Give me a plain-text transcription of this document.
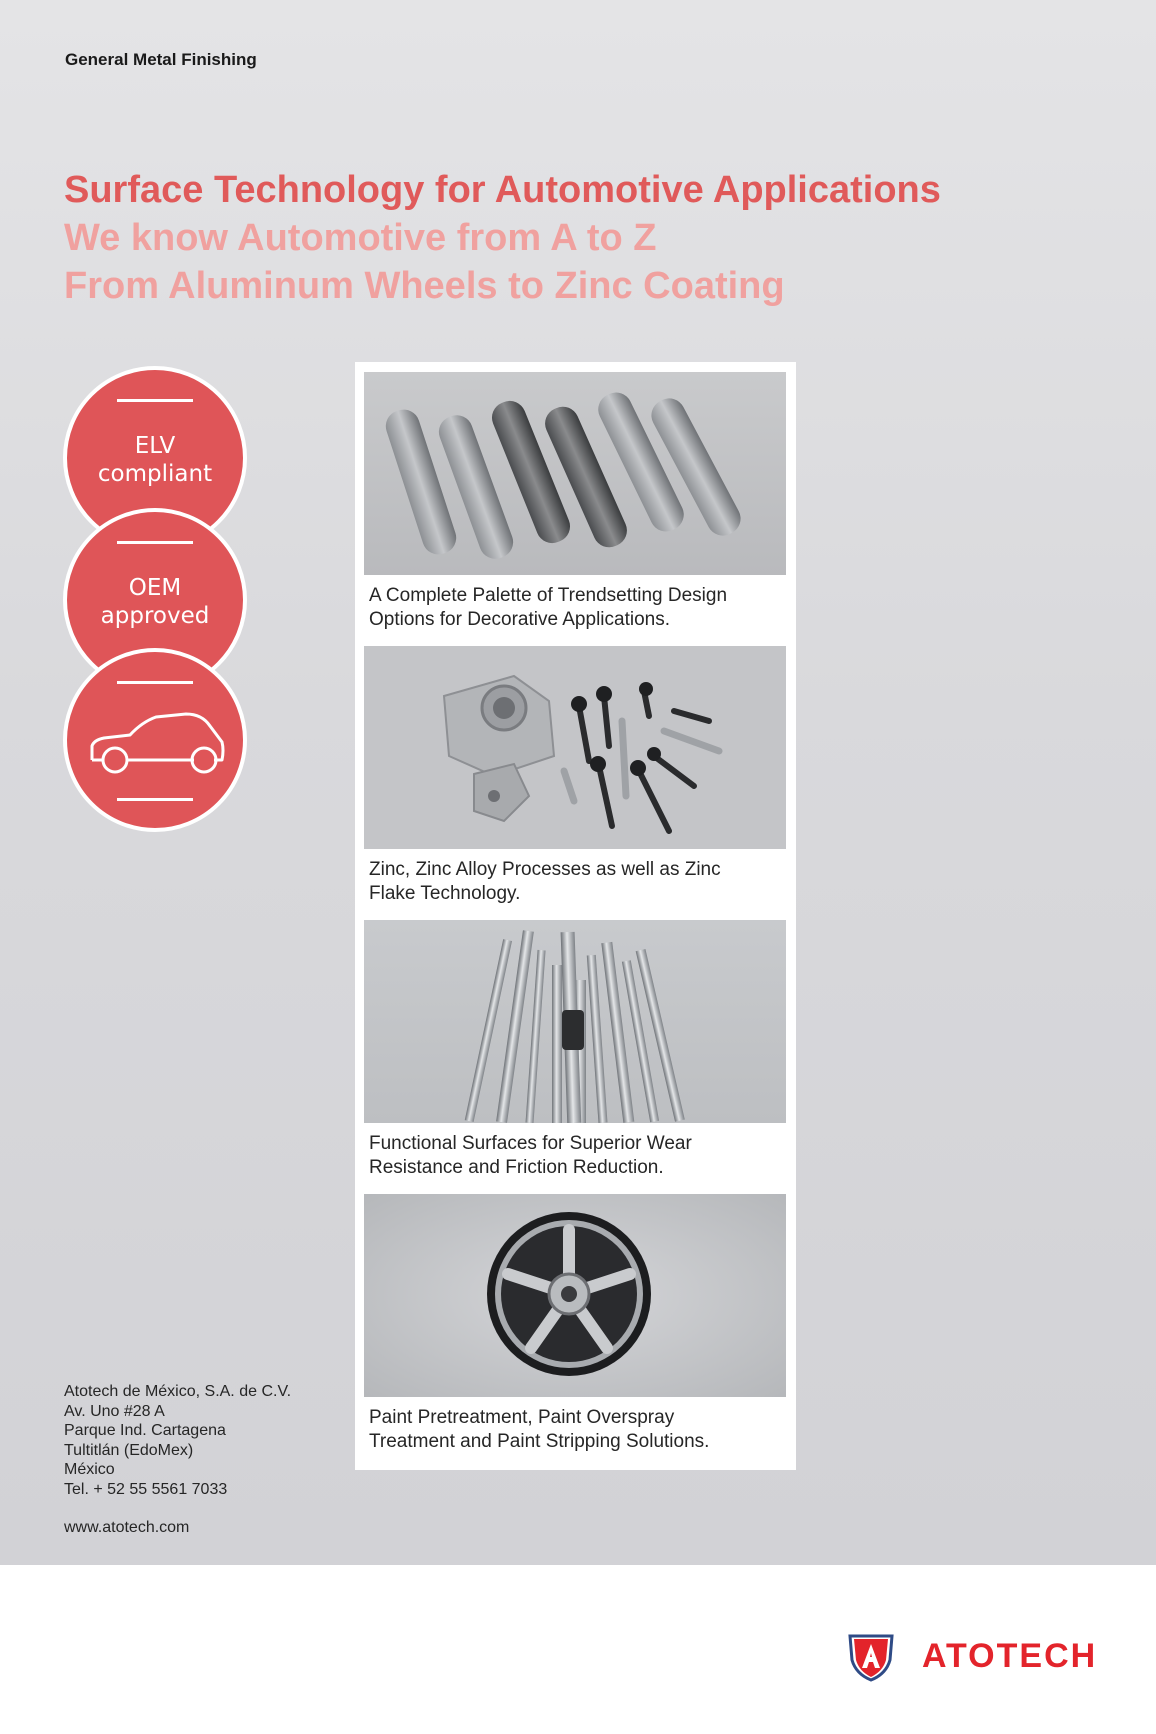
General Metal Finishing
Surface Technology for Automotive Applications
We know Automotive from A to Z
From Aluminum Wheels to Zinc Coating
ELV
compliant
OEM
approved
A Complete Palette of Trendsetting Design
Options for Decorative Applications.
Zinc, Zinc Alloy Processes as well as Zinc
Flake Technology.
Functional Surfaces for Superior Wear
Resistance and Friction Reduction.
Paint Pretreatment, Paint Overspray
Treatment and Paint Stripping Solutions.
Atotech de México, S.A. de C.V.
Av. Uno #28 A
Parque Ind. Cartagena
Tultitlán (EdoMex)
México
Tel. + 52 55 5561 7033
www.atotech.com
ATOTECH
